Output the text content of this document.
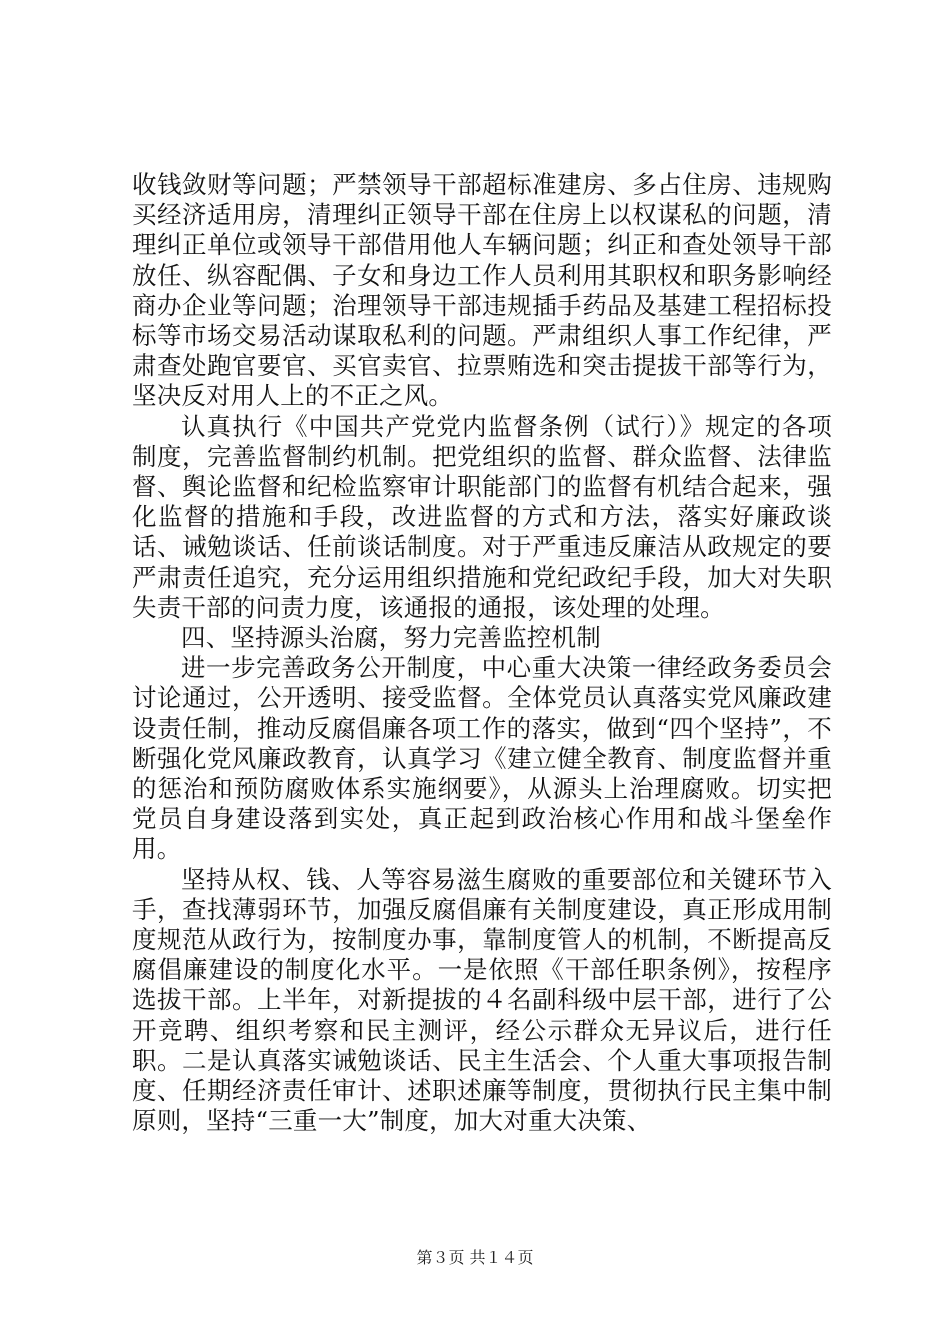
收钱敛财等问题；严禁领导干部超标准建房、多占住房、违规购买经济适用房，清理纠正领导干部在住房上以权谋私的问题，清理纠正单位或领导干部借用他人车辆问题；纠正和查处领导干部放任、纵容配偶、子女和身边工作人员利用其职权和职务影响经商办企业等问题；治理领导干部违规插手药品及基建工程招标投标等市场交易活动谋取私利的问题。严肃组织人事工作纪律，严肃查处跑官要官、买官卖官、拉票贿选和突击提拔干部等行为，坚决反对用人上的不正之风。

认真执行《中国共产党党内监督条例（试行）》规定的各项制度，完善监督制约机制。把党组织的监督、群众监督、法律监督、舆论监督和纪检监察审计职能部门的监督有机结合起来，强化监督的措施和手段，改进监督的方式和方法，落实好廉政谈话、诫勉谈话、任前谈话制度。对于严重违反廉洁从政规定的要严肃责任追究，充分运用组织措施和党纪政纪手段，加大对失职失责干部的问责力度，该通报的通报，该处理的处理。

四、坚持源头治腐，努力完善监控机制

进一步完善政务公开制度，中心重大决策一律经政务委员会讨论通过，公开透明、接受监督。全体党员认真落实党风廉政建设责任制，推动反腐倡廉各项工作的落实，做到“四个坚持”，不断强化党风廉政教育，认真学习《建立健全教育、制度监督并重的惩治和预防腐败体系实施纲要》，从源头上治理腐败。切实把党员自身建设落到实处，真正起到政治核心作用和战斗堡垒作用。

坚持从权、钱、人等容易滋生腐败的重要部位和关键环节入手，查找薄弱环节，加强反腐倡廉有关制度建设，真正形成用制度规范从政行为，按制度办事，靠制度管人的机制，不断提高反腐倡廉建设的制度化水平。一是依照《干部任职条例》，按程序选拔干部。上半年，对新提拔的４名副科级中层干部，进行了公开竞聘、组织考察和民主测评，经公示群众无异议后，进行任职。二是认真落实诫勉谈话、民主生活会、个人重大事项报告制度、任期经济责任审计、述职述廉等制度，贯彻执行民主集中制原则，坚持“三重一大”制度，加大对重大决策、

第３页 共１４页
